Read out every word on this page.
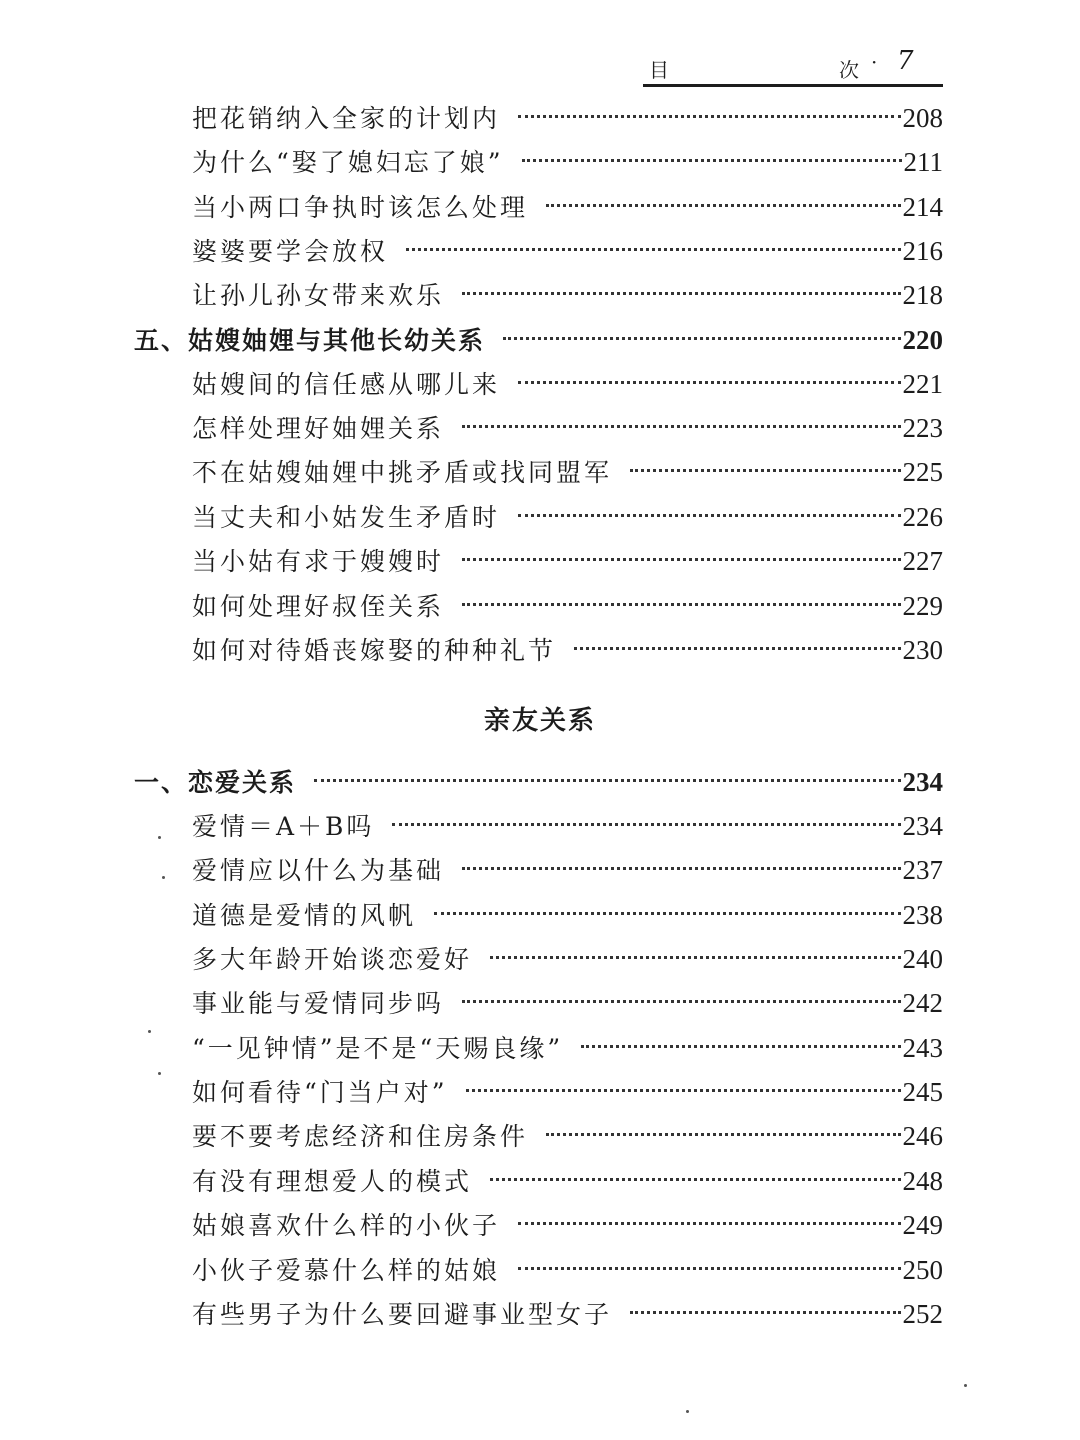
目	次 · 7
把花销纳入全家的计划内	208
为什么“娶了媳妇忘了娘”	211
当小两口争执时该怎么处理	214
婆婆要学会放权	216
让孙儿孙女带来欢乐	218
五、姑嫂妯娌与其他长幼关系	220
姑嫂间的信任感从哪儿来	221
怎样处理好妯娌关系	223
不在姑嫂妯娌中挑矛盾或找同盟军	225
当丈夫和小姑发生矛盾时	226
当小姑有求于嫂嫂时	227
如何处理好叔侄关系	229
如何对待婚丧嫁娶的种种礼节	230
亲友关系
一、恋爱关系	234
爱情＝A＋B吗	234
爱情应以什么为基础	237
道德是爱情的风帆	238
多大年龄开始谈恋爱好	240
事业能与爱情同步吗	242
“一见钟情”是不是“天赐良缘”	243
如何看待“门当户对”	245
要不要考虑经济和住房条件	246
有没有理想爱人的模式	248
姑娘喜欢什么样的小伙子	249
小伙子爱慕什么样的姑娘	250
有些男子为什么要回避事业型女子	252
